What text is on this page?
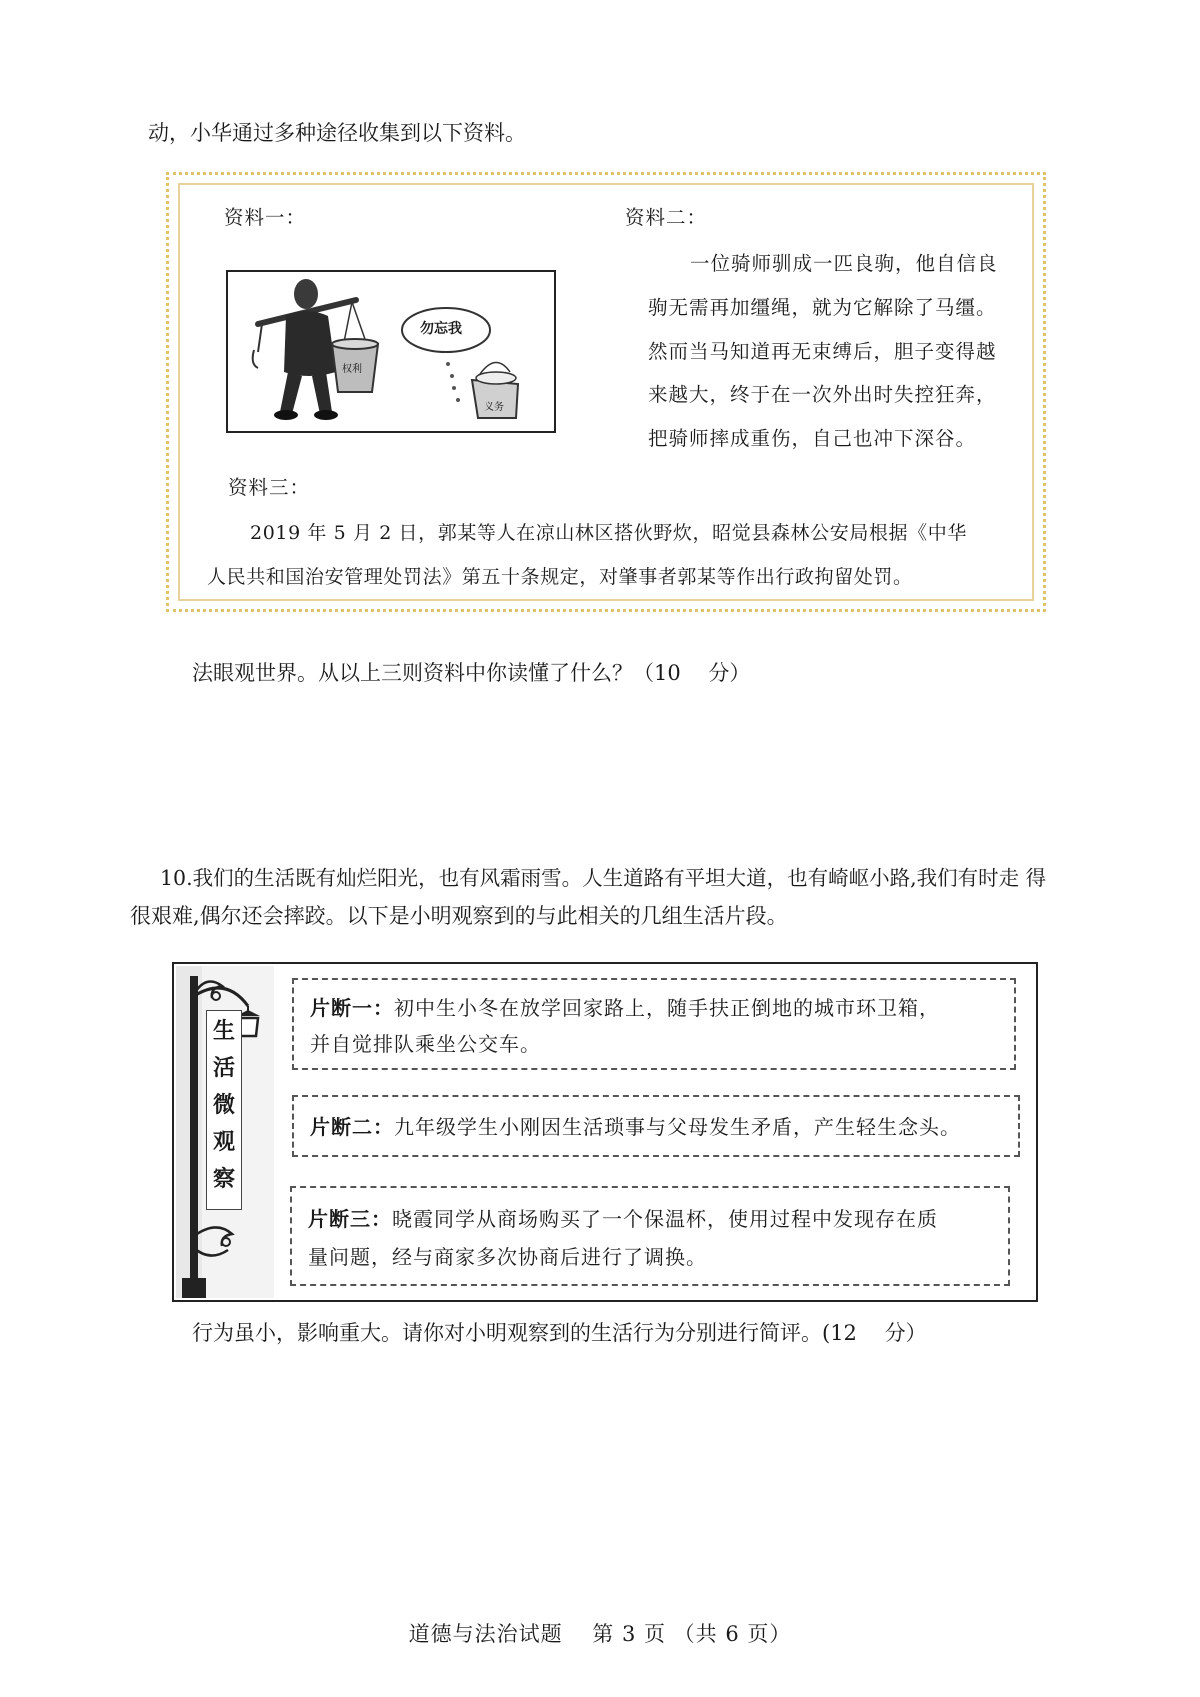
动，小华通过多种途径收集到以下资料。
资料一：	资料二：
勿忘我
权利
义务
一位骑师驯成一匹良驹，他自信良
驹无需再加缰绳，就为它解除了马缰。
然而当马知道再无束缚后，胆子变得越
来越大，终于在一次外出时失控狂奔，
把骑师摔成重伤，自己也冲下深谷。
资料三：
2019 年 5 月 2 日，郭某等人在凉山林区搭伙野炊，昭觉县森林公安局根据《中华
人民共和国治安管理处罚法》第五十条规定，对肇事者郭某等作出行政拘留处罚。
法眼观世界。从以上三则资料中你读懂了什么？（10　 分）
10.我们的生活既有灿烂阳光，也有风霜雨雪。人生道路有平坦大道，也有崎岖小路,我们有时走 得
很艰难,偶尔还会摔跤。以下是小明观察到的与此相关的几组生活片段。
生
活
微
观
察
片断一：初中生小冬在放学回家路上，随手扶正倒地的城市环卫箱，
并自觉排队乘坐公交车。
片断二：九年级学生小刚因生活琐事与父母发生矛盾，产生轻生念头。
片断三：晓霞同学从商场购买了一个保温杯，使用过程中发现存在质
量问题，经与商家多次协商后进行了调换。
行为虽小，影响重大。请你对小明观察到的生活行为分别进行简评。(12　 分）
道德与法治试题　 第 3 页 （共 6 页）
